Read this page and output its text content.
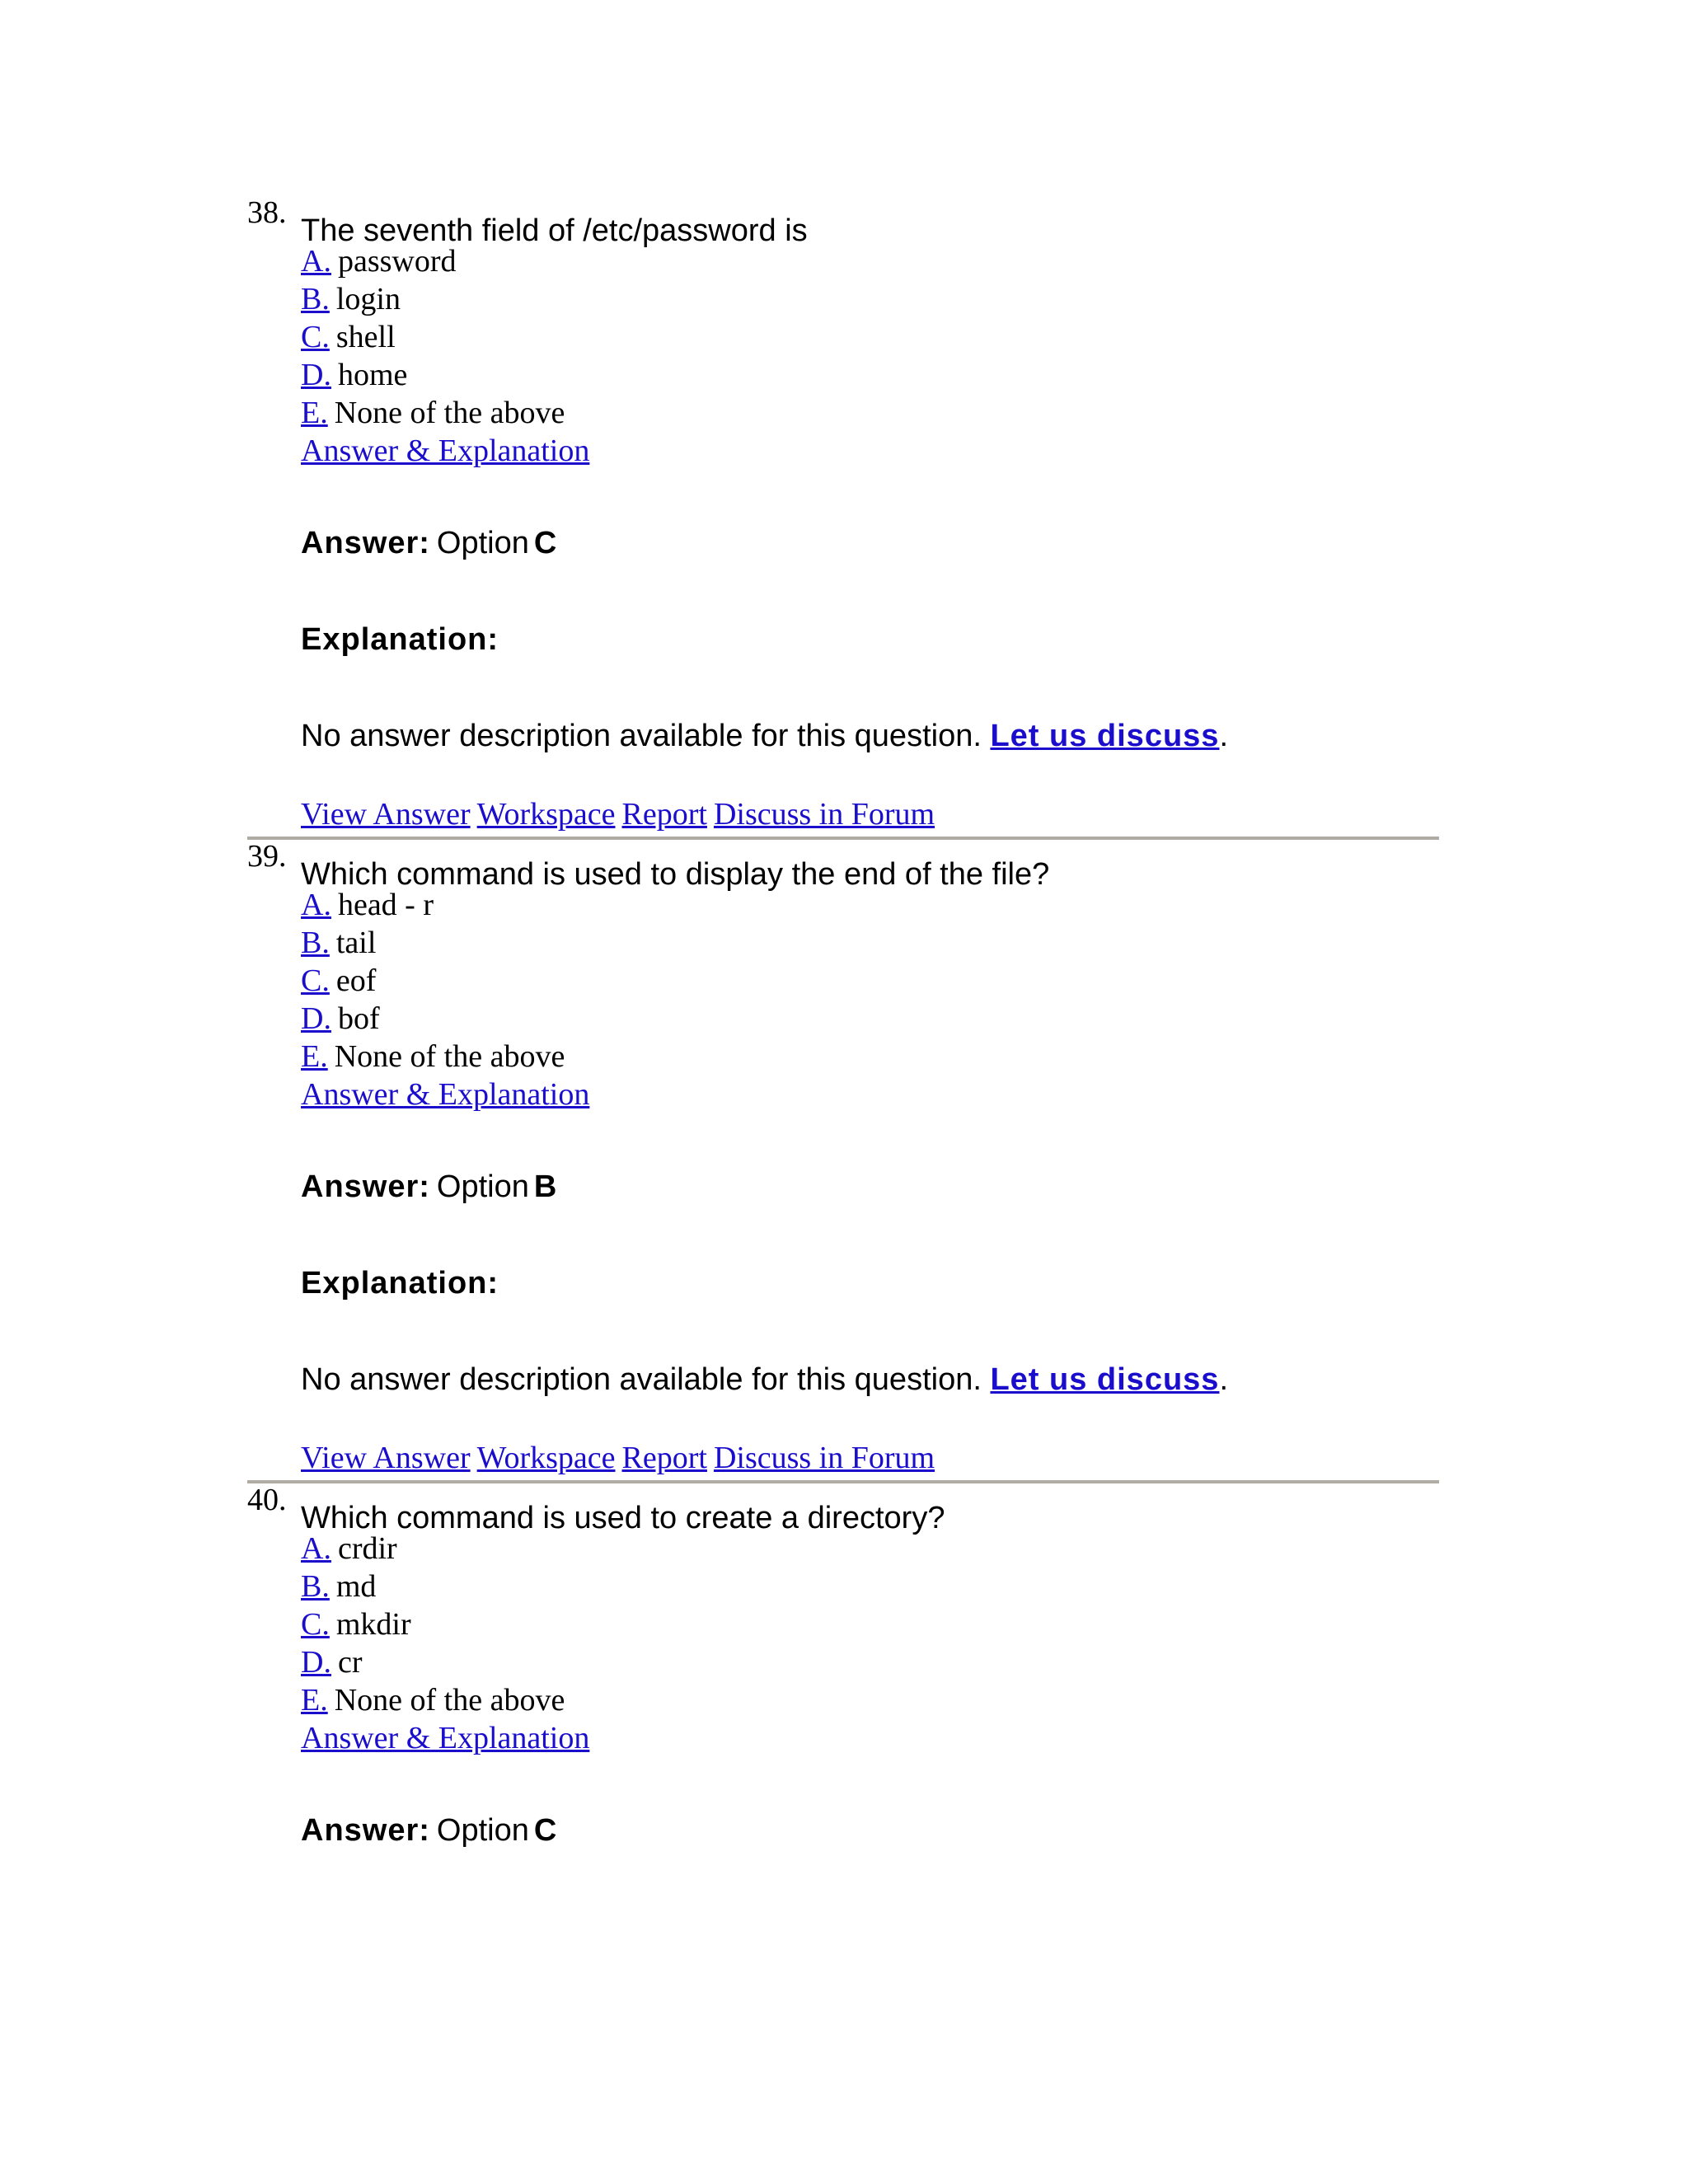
38.
The seventh field of /etc/password is
A. password
B. login
C. shell
D. home
E. None of the above
Answer & Explanation
Answer: Option C
Explanation:
No answer description available for this question. Let us discuss.
View Answer Workspace Report Discuss in Forum
39.
Which command is used to display the end of the file?
A. head - r
B. tail
C. eof
D. bof
E. None of the above
Answer & Explanation
Answer: Option B
Explanation:
No answer description available for this question. Let us discuss.
View Answer Workspace Report Discuss in Forum
40.
Which command is used to create a directory?
A. crdir
B. md
C. mkdir
D. cr
E. None of the above
Answer & Explanation
Answer: Option C
